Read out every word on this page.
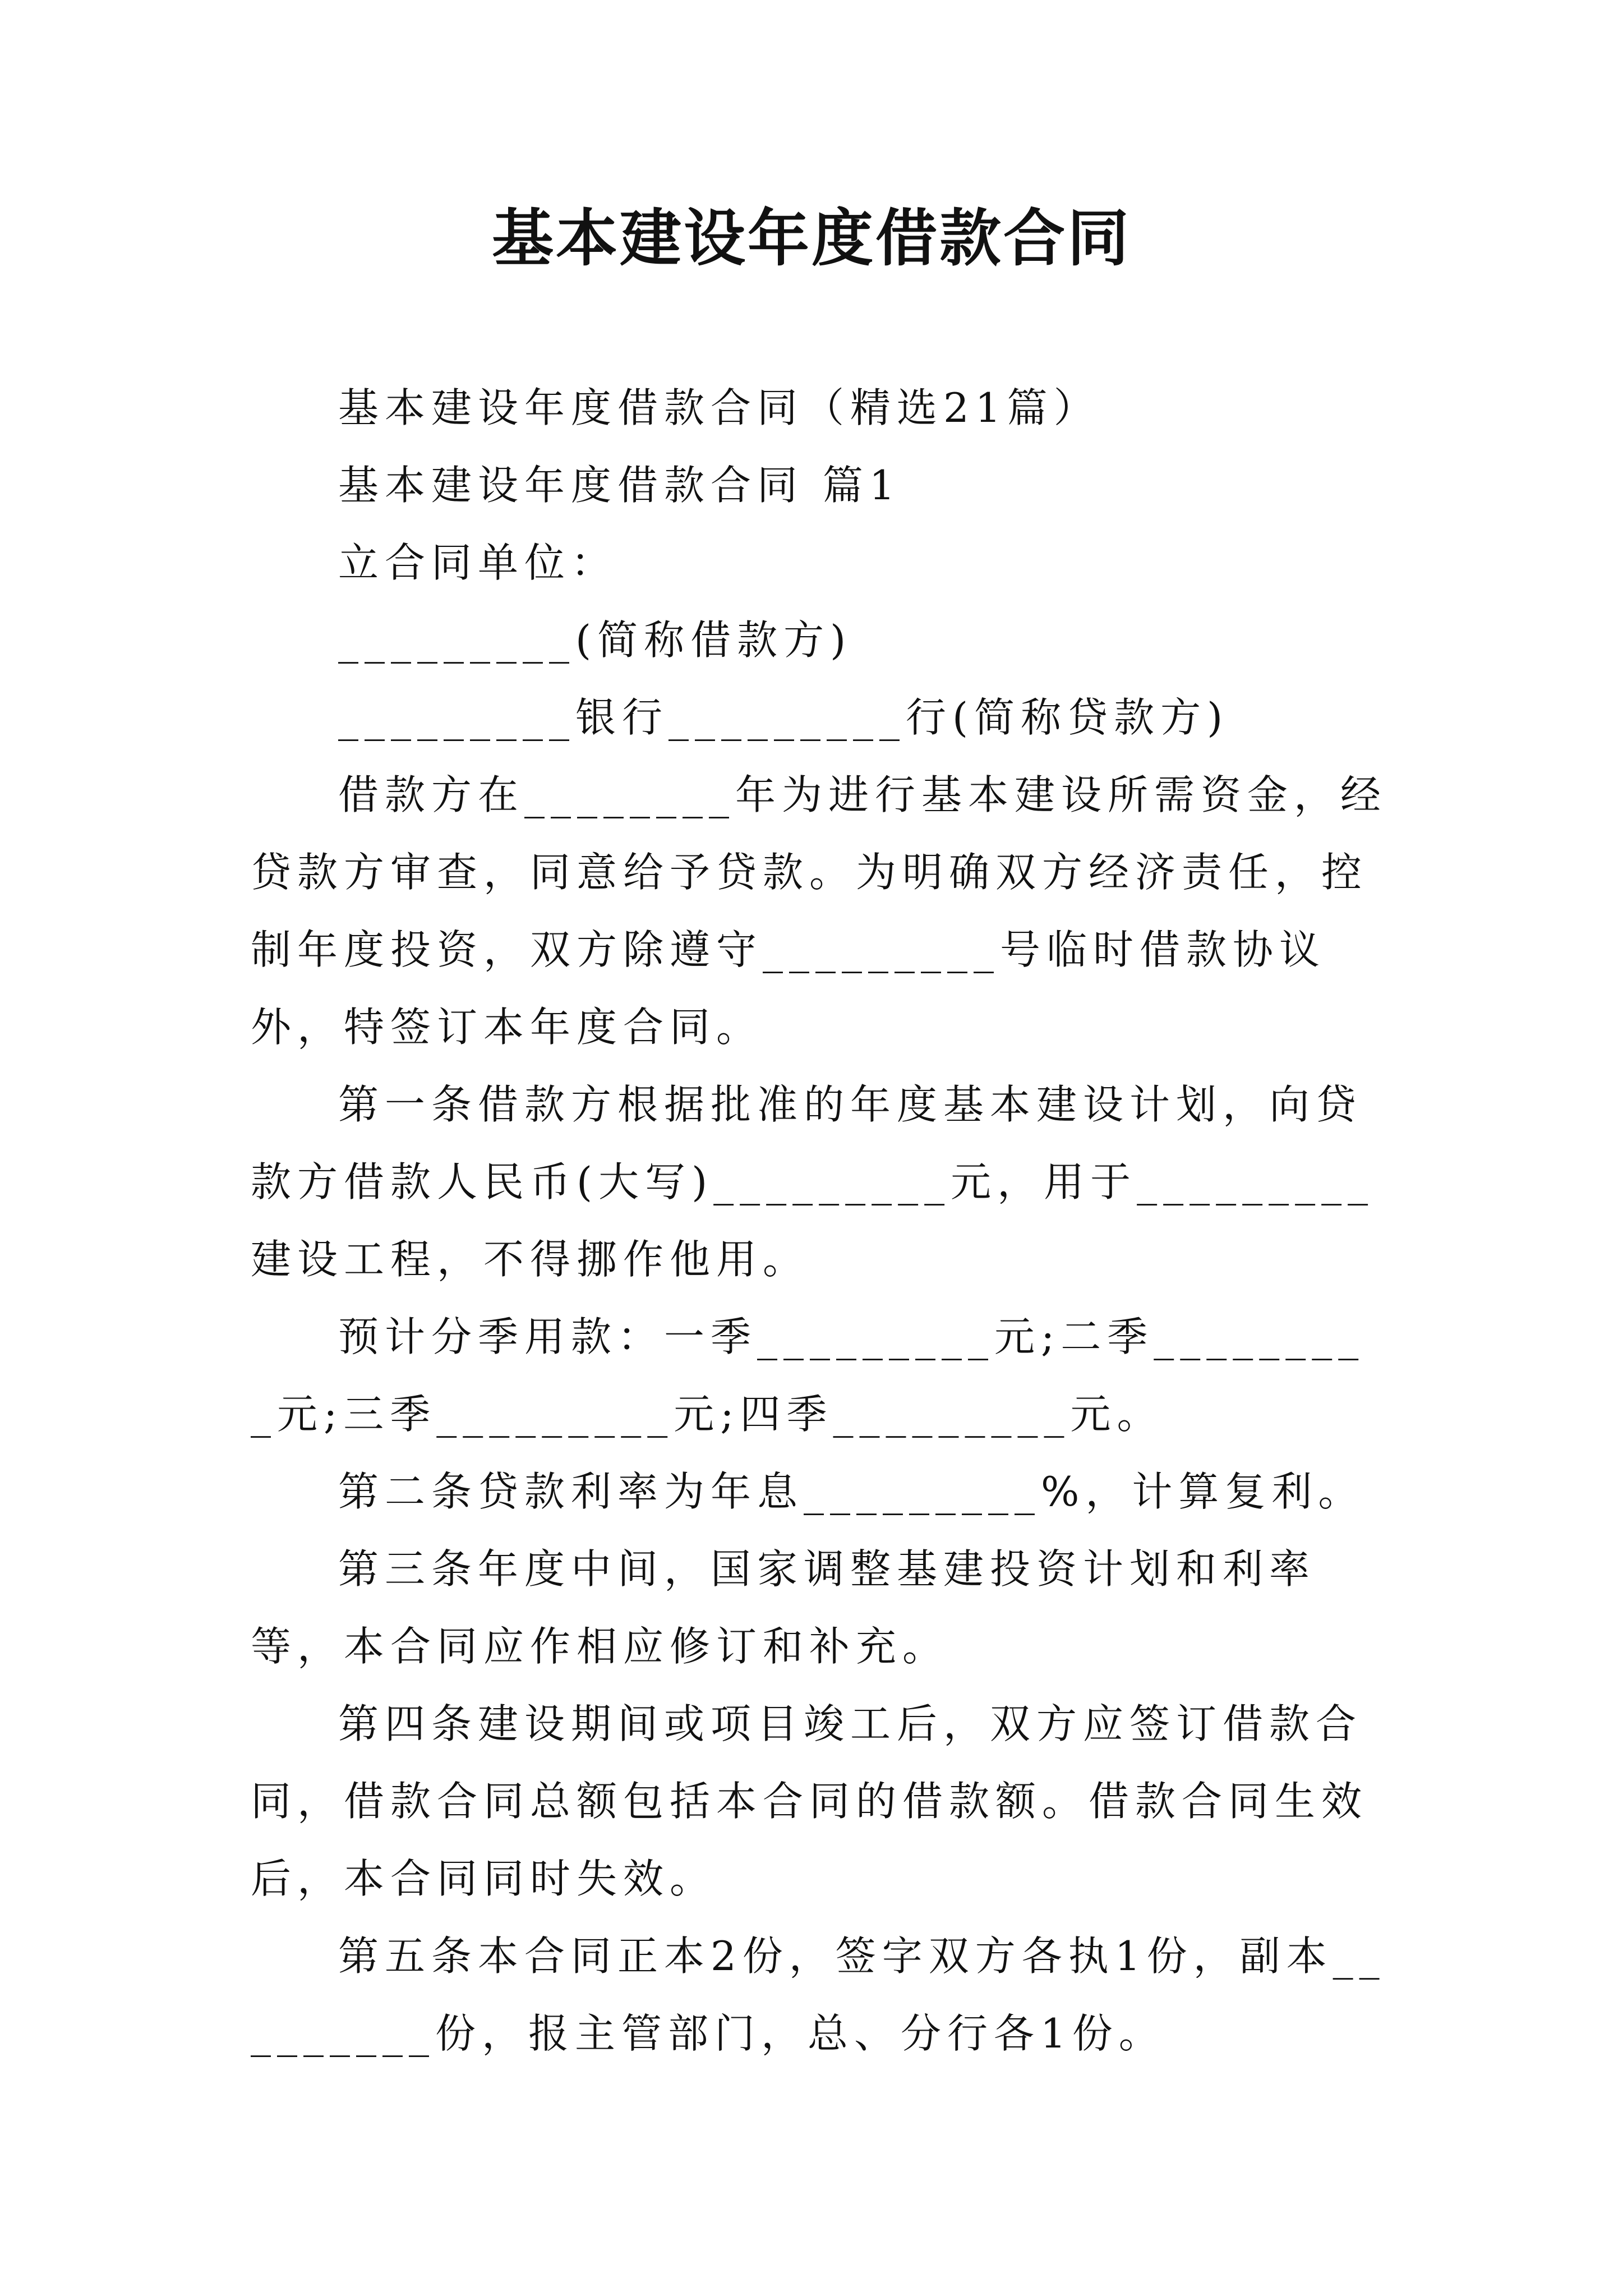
基本建设年度借款合同

基本建设年度借款合同（精选21篇）

基本建设年度借款合同 篇1

立合同单位：

_________(简称借款方)

_________银行_________行(简称贷款方)

借款方在________年为进行基本建设所需资金，经贷款方审查，同意给予贷款。为明确双方经济责任，控制年度投资，双方除遵守_________号临时借款协议外，特签订本年度合同。

第一条借款方根据批准的年度基本建设计划，向贷款方借款人民币(大写)_________元，用于_________建设工程，不得挪作他用。

预计分季用款：一季_________元;二季_________元;三季_________元;四季_________元。

第二条贷款利率为年息_________%，计算复利。

第三条年度中间，国家调整基建投资计划和利率等，本合同应作相应修订和补充。

第四条建设期间或项目竣工后，双方应签订借款合同，借款合同总额包括本合同的借款额。借款合同生效后，本合同同时失效。

第五条本合同正本2份，签字双方各执1份，副本_________份，报主管部门，总、分行各1份。
